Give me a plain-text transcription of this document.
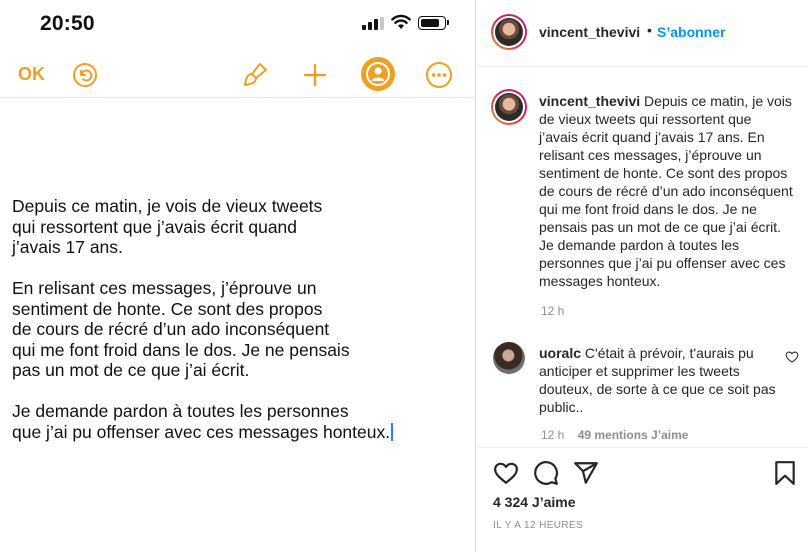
20:50
OK

Depuis ce matin, je vois de vieux tweets
qui ressortent que j’avais écrit quand
j’avais 17 ans.

En relisant ces messages, j’éprouve un
sentiment de honte. Ce sont des propos
de cours de récré d’un ado inconséquent
qui me font froid dans le dos. Je ne pensais
pas un mot de ce que j’ai écrit.

Je demande pardon à toutes les personnes
que j’ai pu offenser avec ces messages honteux.

vincent_thevivi • S’abonner
vincent_thevivi Depuis ce matin, je vois de vieux tweets qui ressortent que j’avais écrit quand j’avais 17 ans. En relisant ces messages, j’éprouve un sentiment de honte. Ce sont des propos de cours de récré d’un ado inconséquent qui me font froid dans le dos. Je ne pensais pas un mot de ce que j’ai écrit. Je demande pardon à toutes les personnes que j’ai pu offenser avec ces messages honteux.
12 h
uoralc C'était à prévoir, t'aurais pu anticiper et supprimer les tweets douteux, de sorte à ce que ce soit pas public..
12 h 49 mentions J’aime
4 324 J’aime
IL Y A 12 HEURES
